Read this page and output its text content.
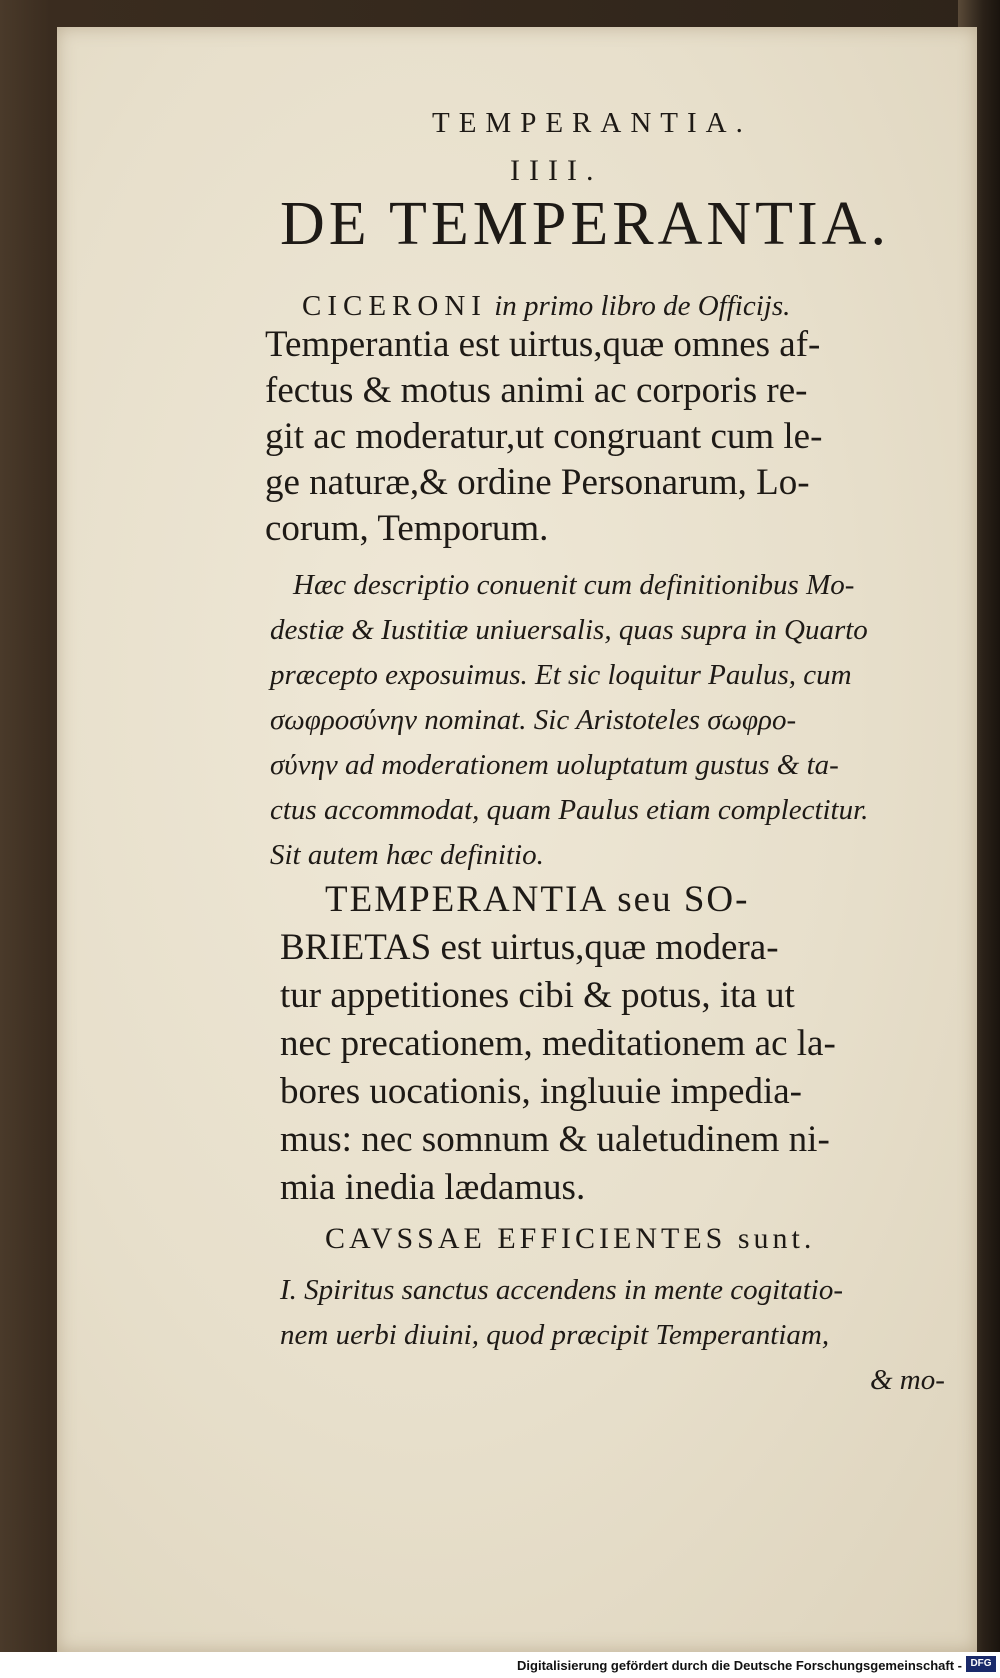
TEMPERANTIA.
IIII.
DE TEMPERANTIA.
CICERONI in primo libro de Officijs.
Temperantia est uirtus,quæ omnes af-
fectus & motus animi ac corporis re-
git ac moderatur,ut congruant cum le-
ge naturæ,& ordine Personarum, Lo-
corum, Temporum.
Hæc descriptio conuenit cum definitionibus Mo-
destiæ & Iustitiæ uniuersalis, quas supra in Quarto
præcepto exposuimus. Et sic loquitur Paulus, cum
σωφροσύνην nominat. Sic Aristoteles σωφρο-
σύνην ad moderationem uoluptatum gustus & ta-
ctus accommodat, quam Paulus etiam complectitur.
Sit autem hæc definitio.
TEMPERANTIA seu SO-
BRIETAS est uirtus,quæ modera-
tur appetitiones cibi & potus, ita ut
nec precationem, meditationem ac la-
bores uocationis, ingluuie impedia-
mus: nec somnum & ualetudinem ni-
mia inedia lædamus.
CAVSSAE EFFICIENTES sunt.
I. Spiritus sanctus accendens in mente cogitatio-
nem uerbi diuini, quod præcipit Temperantiam,
& mo-
Digitalisierung gefördert durch die Deutsche Forschungsgemeinschaft - DFG
